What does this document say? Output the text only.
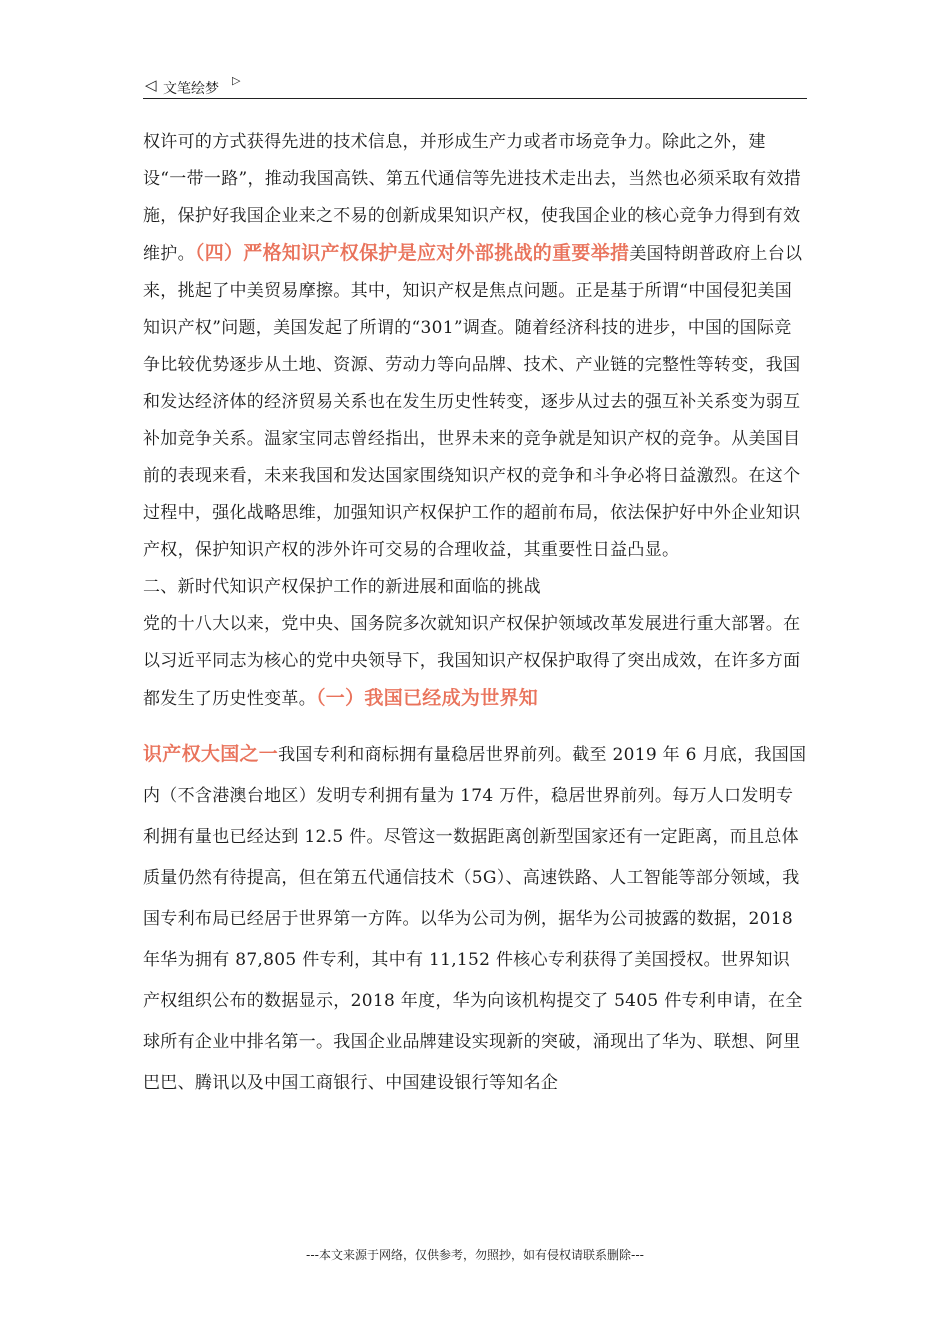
◁ 文笔绘梦
▷

权许可的方式获得先进的技术信息，并形成生产力或者市场竞争力。除此之外，建设“一带一路”，推动我国高铁、第五代通信等先进技术走出去，当然也必须采取有效措施，保护好我国企业来之不易的创新成果知识产权，使我国企业的核心竞争力得到有效维护。（四）严格知识产权保护是应对外部挑战的重要举措美国特朗普政府上台以来，挑起了中美贸易摩擦。其中，知识产权是焦点问题。正是基于所谓“中国侵犯美国知识产权”问题，美国发起了所谓的“301”调查。随着经济科技的进步，中国的国际竞争比较优势逐步从土地、资源、劳动力等向品牌、技术、产业链的完整性等转变，我国和发达经济体的经济贸易关系也在发生历史性转变，逐步从过去的强互补关系变为弱互补加竞争关系。温家宝同志曾经指出，世界未来的竞争就是知识产权的竞争。从美国目前的表现来看，未来我国和发达国家围绕知识产权的竞争和斗争必将日益激烈。在这个过程中，强化战略思维，加强知识产权保护工作的超前布局，依法保护好中外企业知识产权，保护知识产权的涉外许可交易的合理收益，其重要性日益凸显。

二、新时代知识产权保护工作的新进展和面临的挑战

党的十八大以来，党中央、国务院多次就知识产权保护领域改革发展进行重大部署。在以习近平同志为核心的党中央领导下，我国知识产权保护取得了突出成效，在许多方面都发生了历史性变革。（一）我国已经成为世界知

识产权大国之一我国专利和商标拥有量稳居世界前列。截至 2019 年 6 月底，我国国内（不含港澳台地区）发明专利拥有量为 174 万件，稳居世界前列。每万人口发明专利拥有量也已经达到 12.5 件。尽管这一数据距离创新型国家还有一定距离，而且总体质量仍然有待提高，但在第五代通信技术（5G）、高速铁路、人工智能等部分领域，我国专利布局已经居于世界第一方阵。以华为公司为例，据华为公司披露的数据，2018 年华为拥有 87,805 件专利，其中有 11,152 件核心专利获得了美国授权。世界知识产权组织公布的数据显示，2018 年度，华为向该机构提交了 5405 件专利申请，在全球所有企业中排名第一。我国企业品牌建设实现新的突破，涌现出了华为、联想、阿里巴巴、腾讯以及中国工商银行、中国建设银行等知名企

---本文来源于网络，仅供参考，勿照抄，如有侵权请联系删除---
